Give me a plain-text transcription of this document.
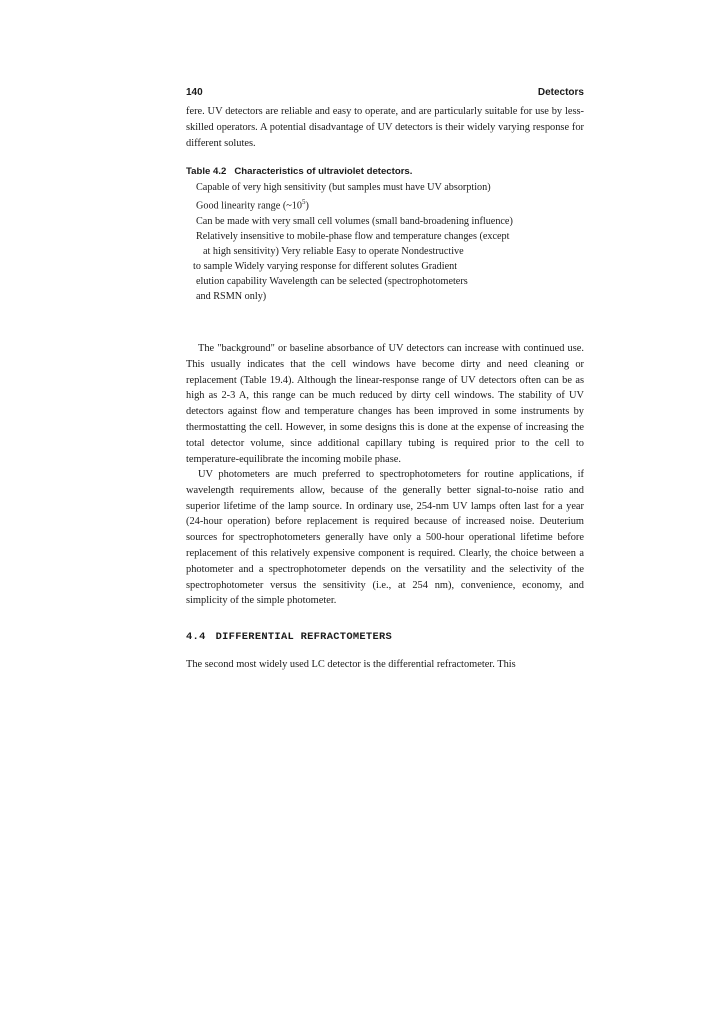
140	Detectors

fere. UV detectors are reliable and easy to operate, and are particularly suitable for use by less-skilled operators. A potential disadvantage of UV detectors is their widely varying response for different solutes.

Table 4.2 Characteristics of ultraviolet detectors.
Capable of very high sensitivity (but samples must have UV absorption)
Good linearity range $(\sim 10^5)$
Can be made with very small cell volumes (small band-broadening influence)
Relatively insensitive to mobile-phase flow and temperature changes (except
at high sensitivity) Very reliable Easy to operate Nondestructive
to sample Widely varying response for different solutes Gradient
elution capability Wavelength can be selected (spectrophotometers
and RSMN only)

The "background" or baseline absorbance of UV detectors can increase with continued use. This usually indicates that the cell windows have become dirty and need cleaning or replacement (Table 19.4). Although the linear-response range of UV detectors often can be as high as 2-3 A, this range can be much reduced by dirty cell windows. The stability of UV detectors against flow and temperature changes has been improved in some instruments by thermostatting the cell. However, in some designs this is done at the expense of increasing the total detector volume, since additional capillary tubing is required prior to the cell to temperature-equilibrate the incoming mobile phase.

UV photometers are much preferred to spectrophotometers for routine applications, if wavelength requirements allow, because of the generally better signal-to-noise ratio and superior lifetime of the lamp source. In ordinary use, 254-nm UV lamps often last for a year (24-hour operation) before replacement is required because of increased noise. Deuterium sources for spectrophotometers generally have only a 500-hour operational lifetime before replacement of this relatively expensive component is required. Clearly, the choice between a photometer and a spectrophotometer depends on the versatility and the selectivity of the spectrophotometer versus the sensitivity (i.e., at 254 nm), convenience, economy, and simplicity of the simple photometer.

4.4 DIFFERENTIAL REFRACTOMETERS

The second most widely used LC detector is the differential refractometer. This
